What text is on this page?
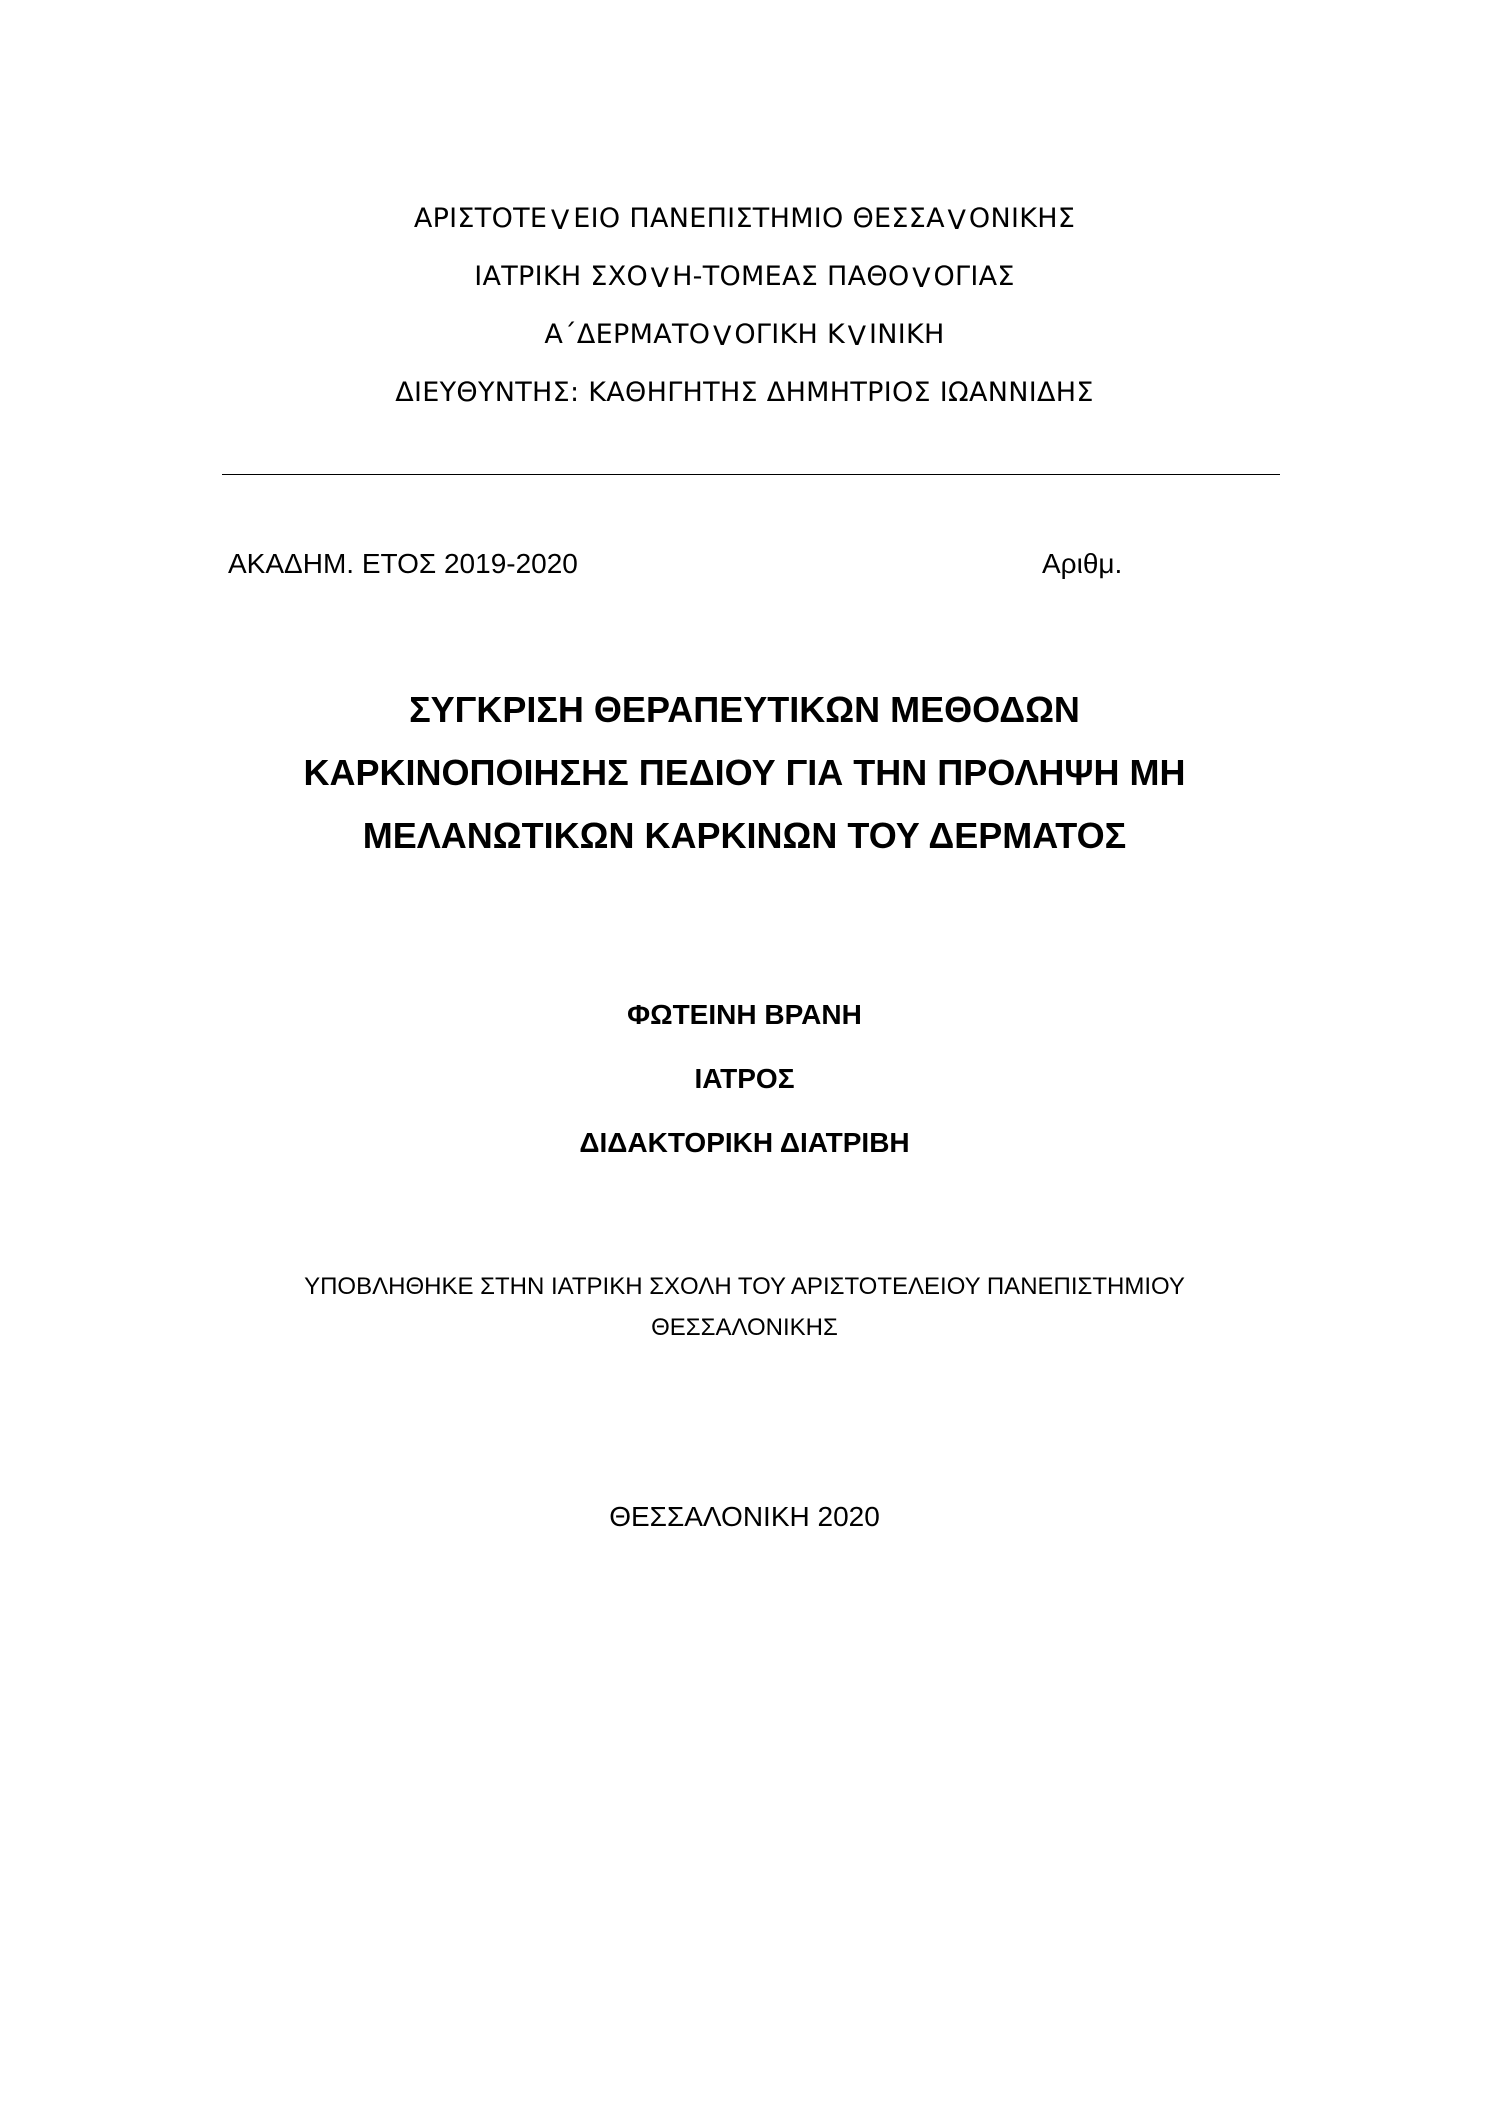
ΑΡΙΣΤΟΤΕ V ΕΙΟ ΠΑΝΕΠΙΣΤΗΜΙΟ ΘΕΣΣΑ V ΟΝΙΚΗΣ
ΙΑΤΡΙΚΗ ΣΧΟ V Η-ΤΟΜΕΑΣ ΠΑΘΟ V ΟΓΙΑΣ
Α΄ΔΕΡΜΑΤΟ V ΟΓΙΚΗ Κ V ΙΝΙΚΗ
ΔΙΕΥΘΥΝΤΗΣ: ΚΑΘΗΓΗΤΗΣ ΔΗΜΗΤΡΙΟΣ ΙΩΑΝΝΙΔΗΣ
ΑΚΑΔΗΜ. ΕΤΟΣ 2019-2020	Αριθμ.
ΣΥΓΚΡΙΣΗ ΘΕΡΑΠΕΥΤΙΚΩΝ ΜΕΘΟΔΩΝ
ΚΑΡΚΙΝΟΠΟΙΗΣΗΣ ΠΕΔΙΟΥ ΓΙΑ ΤΗΝ ΠΡΟΛΗΨΗ ΜΗ
ΜΕΛΑΝΩΤΙΚΩΝ ΚΑΡΚΙΝΩΝ ΤΟΥ ΔΕΡΜΑΤΟΣ
ΦΩΤΕΙΝΗ ΒΡΑΝΗ
ΙΑΤΡΟΣ
ΔΙΔΑΚΤΟΡΙΚΗ ΔΙΑΤΡΙΒΗ
ΥΠΟΒΛΗΘΗΚΕ ΣΤΗΝ ΙΑΤΡΙΚΗ ΣΧΟΛΗ ΤΟΥ ΑΡΙΣΤΟΤΕΛΕΙΟΥ ΠΑΝΕΠΙΣΤΗΜΙΟΥ
ΘΕΣΣΑΛΟΝΙΚΗΣ
ΘΕΣΣΑΛΟΝΙΚΗ 2020
